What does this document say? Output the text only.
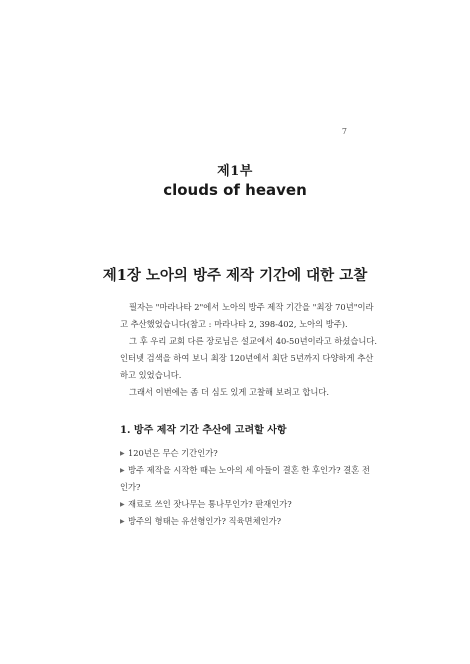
7
제1부
clouds of heaven
제1장 노아의 방주 제작 기간에 대한 고찰
필자는 "마라나타 2"에서 노아의 방주 제작 기간을 "최장 70년"이라
고 추산했었습니다(참고 : 마라나타 2, 398-402, 노아의 방주).
그 후 우리 교회 다른 장로님은 설교에서 40-50년이라고 하셨습니다.
인터넷 검색을 하여 보니 최장 120년에서 최단 5년까지 다양하게 추산
하고 있었습니다.
그래서 이번에는 좀 더 심도 있게 고찰해 보려고 합니다.
1. 방주 제작 기간 추산에 고려할 사항
▶ 120년은 무슨 기간인가?
▶ 방주 제작을 시작한 때는 노아의 세 아들이 결혼 한 후인가? 결혼 전
인가?
▶ 재료로 쓰인 잣나무는 통나무인가? 판재인가?
▶ 방주의 형태는 유선형인가? 직육면체인가?
